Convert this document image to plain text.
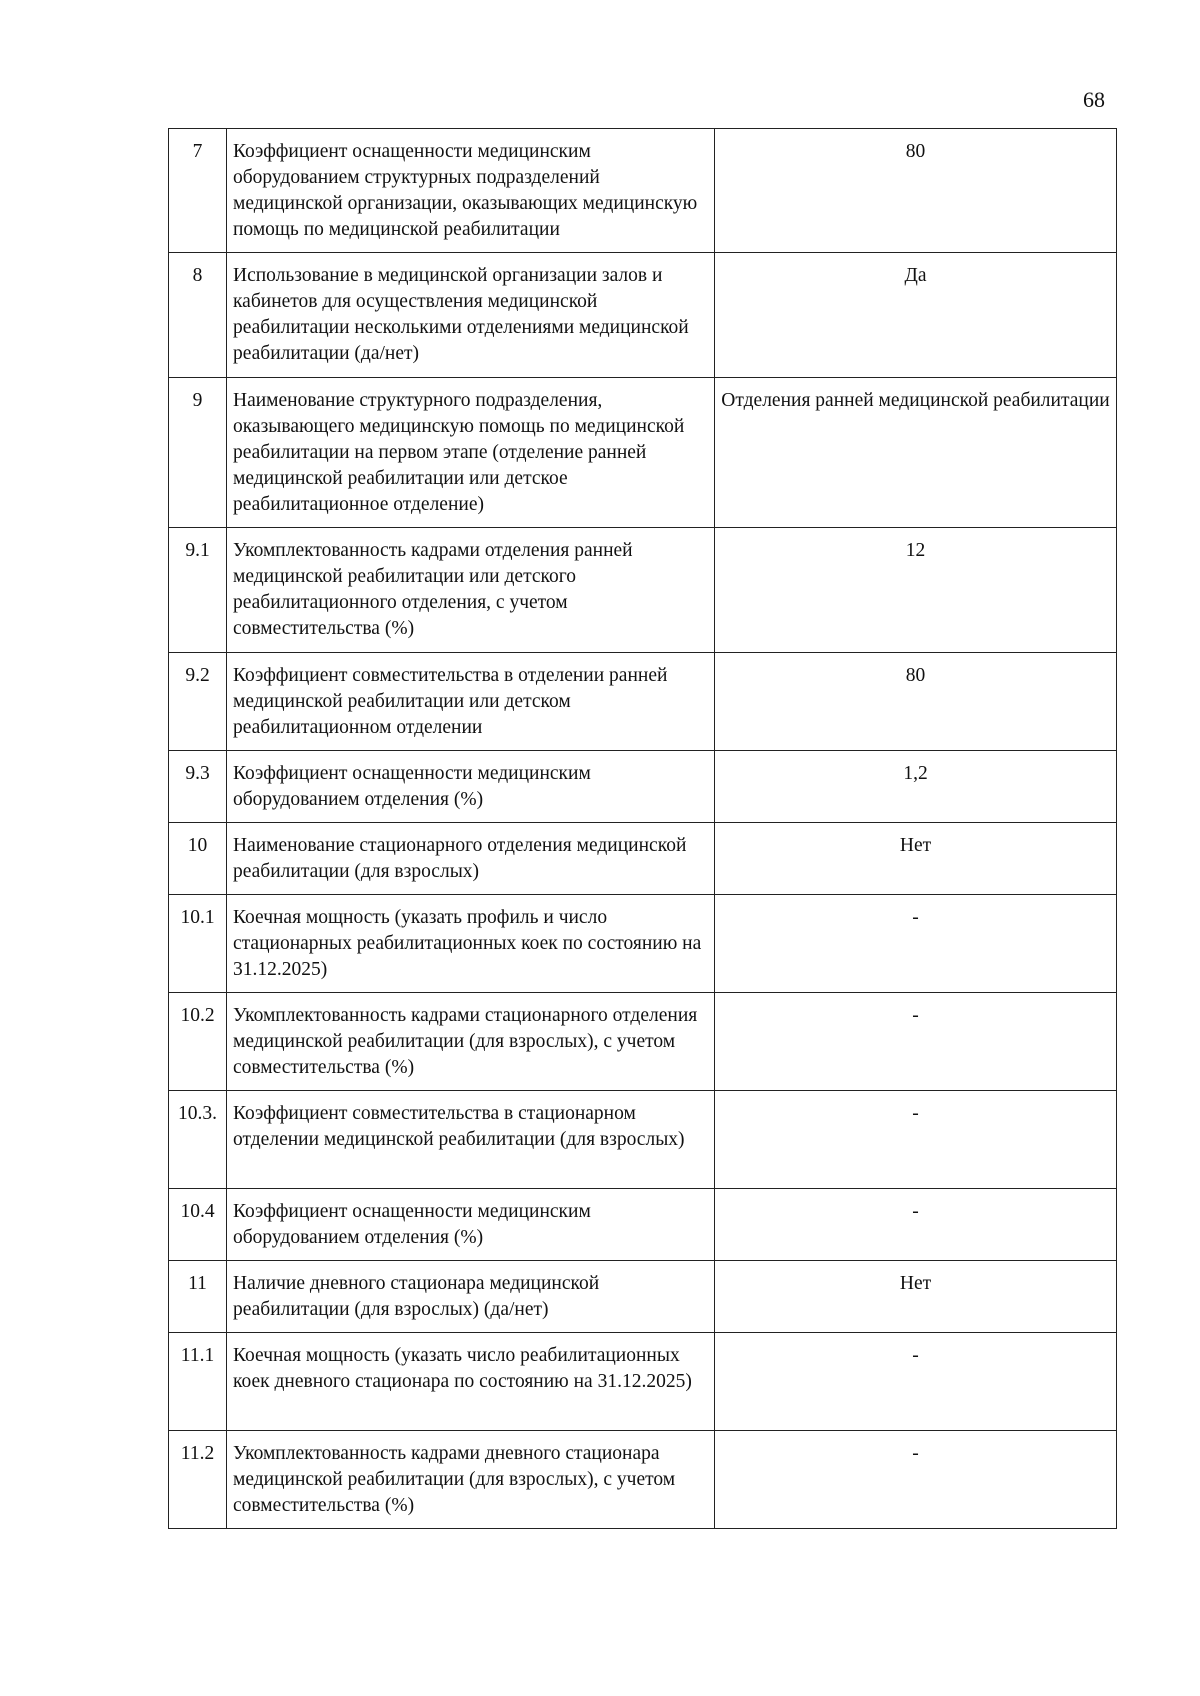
68
7	Коэффициент оснащенности медицинским оборудованием структурных подразделений медицинской организации, оказывающих медицинскую помощь по медицинской реабилитации	80
8	Использование в медицинской организации залов и кабинетов для осуществления медицинской реабилитации несколькими отделениями медицинской реабилитации (да/нет)	Да
9	Наименование структурного подразделения, оказывающего медицинскую помощь по медицинской реабилитации на первом этапе (отделение ранней медицинской реабилитации или детское реабилитационное отделение)	Отделения ранней медицинской реабилитации
9.1	Укомплектованность кадрами отделения ранней медицинской реабилитации или детского реабилитационного отделения, с учетом совместительства (%)	12
9.2	Коэффициент совместительства в отделении ранней медицинской реабилитации или детском реабилитационном отделении	80
9.3	Коэффициент оснащенности медицинским оборудованием отделения (%)	1,2
10	Наименование стационарного отделения медицинской реабилитации (для взрослых)	Нет
10.1	Коечная мощность (указать профиль и число стационарных реабилитационных коек по состоянию на 31.12.2025)	-
10.2	Укомплектованность кадрами стационарного отделения медицинской реабилитации (для взрослых), с учетом совместительства (%)	-
10.3.	Коэффициент совместительства в стационарном отделении медицинской реабилитации (для взрослых)	-
10.4	Коэффициент оснащенности медицинским оборудованием отделения (%)	-
11	Наличие дневного стационара медицинской реабилитации (для взрослых) (да/нет)	Нет
11.1	Коечная мощность (указать число реабилитационных коек дневного стационара по состоянию на 31.12.2025)	-
11.2	Укомплектованность кадрами дневного стационара медицинской реабилитации (для взрослых), с учетом совместительства (%)	-
